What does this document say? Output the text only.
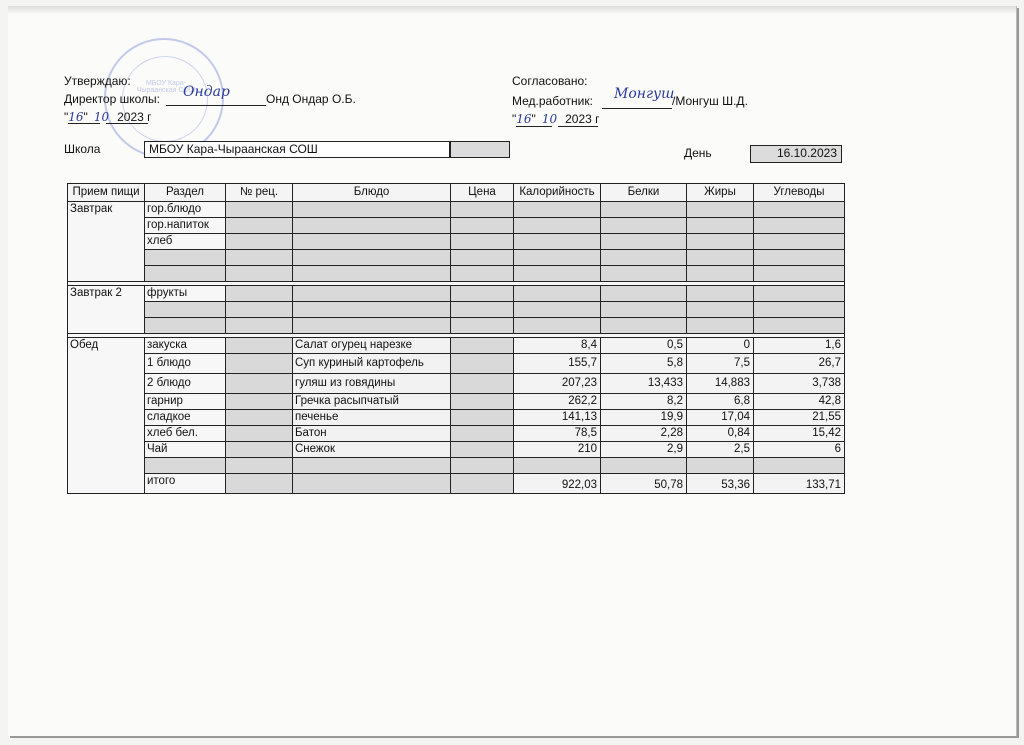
МБОУ Кара-Чыраанская СОШ
Утверждаю:
Директор школы: Ондар	Онд Ондар О.Б.
"16" 10 2023 г
Согласовано:
Мед.работник: Монгуш
/Монгуш Ш.Д.
"16" 10 2023 г
Школа	МБОУ Кара-Чыраанская СОШ	День	16.10.2023
Прием пищи	Раздел	№ рец.	Блюдо	Цена	Калорийность	Белки	Жиры	Углеводы
Завтрак	гор.блюдо							
	гор.напиток							
	хлеб							

Завтрак 2	фрукты							

Обед	закуска		Салат огурец нарезке		8,4	0,5	0	1,6
	1 блюдо		Суп куриный картофель		155,7	5,8	7,5	26,7
	2 блюдо		гуляш из говядины		207,23	13,433	14,883	3,738
	гарнир		Гречка расыпчатый		262,2	8,2	6,8	42,8
	сладкое		печенье		141,13	19,9	17,04	21,55
	хлеб бел.		Батон		78,5	2,28	0,84	15,42
	Чай		Снежок		210	2,9	2,5	6

	итого				922,03	50,78	53,36	133,71
